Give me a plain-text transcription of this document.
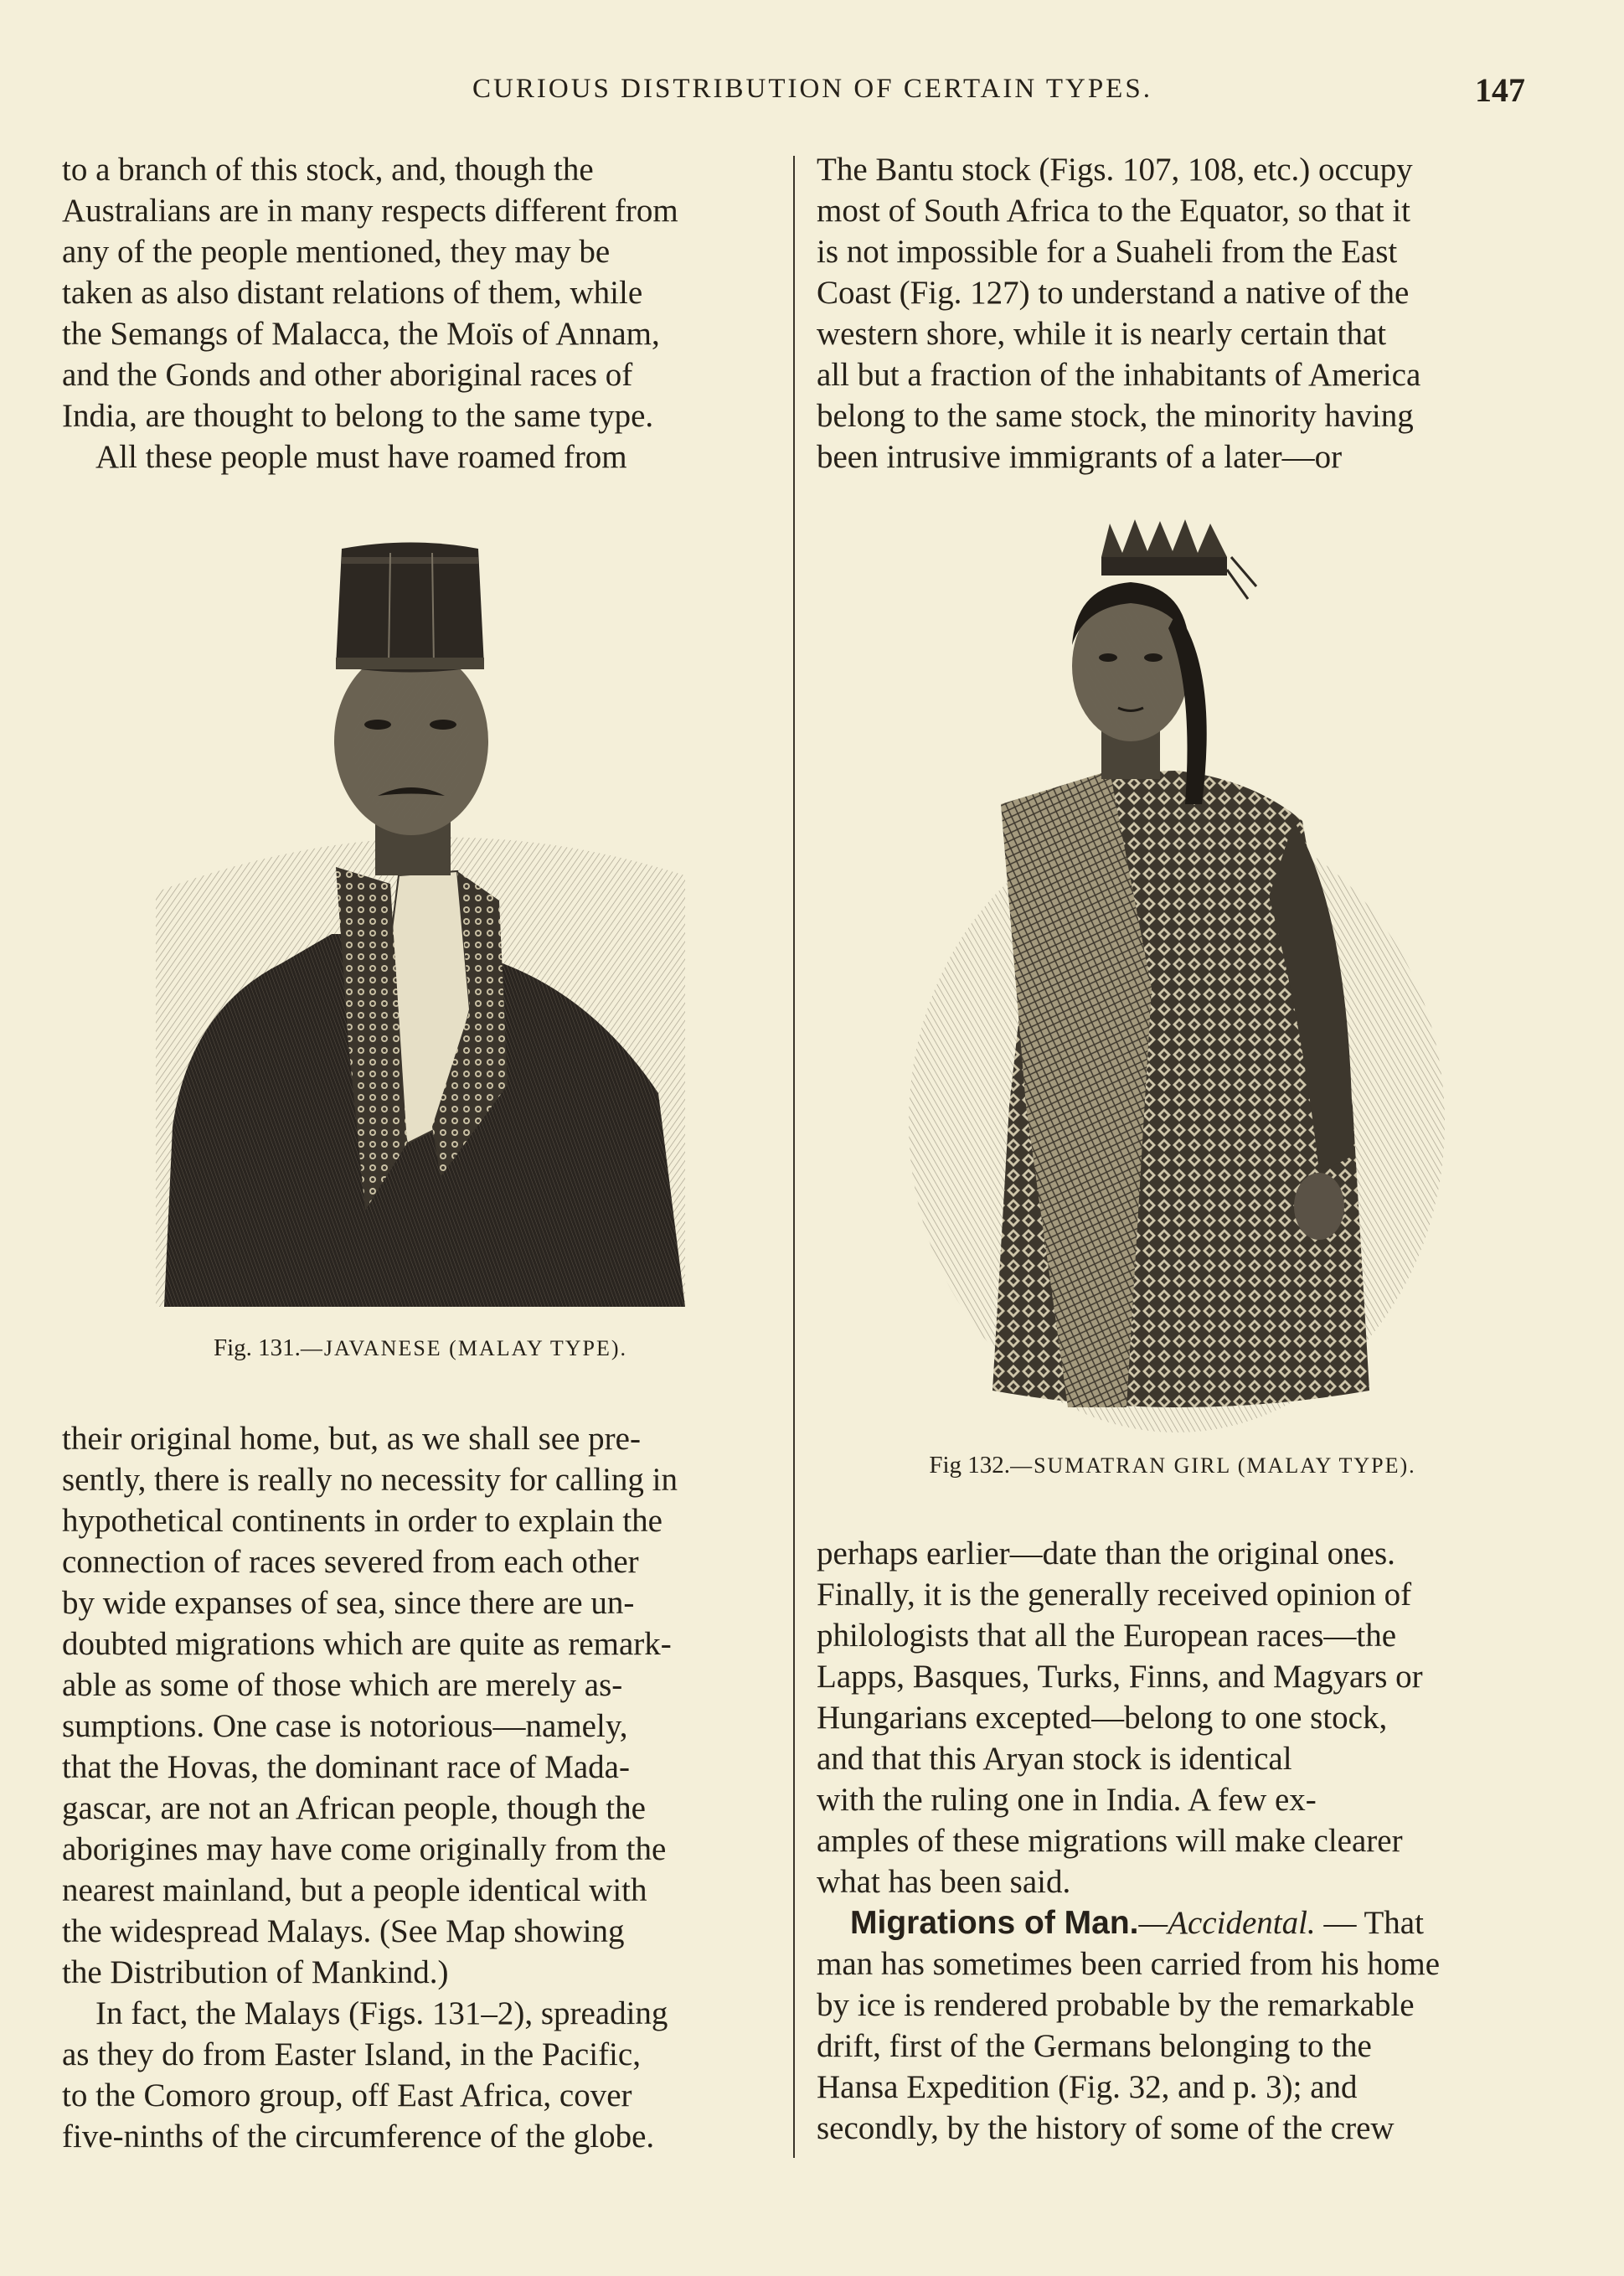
CURIOUS DISTRIBUTION OF CERTAIN TYPES.	147

to a branch of this stock, and, though the
Australians are in many respects different from
any of the people mentioned, they may be
taken as also distant relations of them, while
the Semangs of Malacca, the Moïs of Annam,
and the Gonds and other aboriginal races of
India, are thought to belong to the same type.

All these people must have roamed from

Fig. 131.—JAVANESE (MALAY TYPE).

their original home, but, as we shall see pre-
sently, there is really no necessity for calling in
hypothetical continents in order to explain the
connection of races severed from each other
by wide expanses of sea, since there are un-
doubted migrations which are quite as remark-
able as some of those which are merely as-
sumptions. One case is notorious—namely,
that the Hovas, the dominant race of Mada-
gascar, are not an African people, though the
aborigines may have come originally from the
nearest mainland, but a people identical with
the widespread Malays. (See Map showing
the Distribution of Mankind.)

In fact, the Malays (Figs. 131–2), spreading
as they do from Easter Island, in the Pacific,
to the Comoro group, off East Africa, cover
five-ninths of the circumference of the globe.

The Bantu stock (Figs. 107, 108, etc.) occupy
most of South Africa to the Equator, so that it
is not impossible for a Suaheli from the East
Coast (Fig. 127) to understand a native of the
western shore, while it is nearly certain that
all but a fraction of the inhabitants of America
belong to the same stock, the minority having
been intrusive immigrants of a later—or

Fig 132.—SUMATRAN GIRL (MALAY TYPE).

perhaps earlier—date than the original ones.
Finally, it is the generally received opinion of
philologists that all the European races—the
Lapps, Basques, Turks, Finns, and Magyars or
Hungarians excepted—belong to one stock,
and that this Aryan stock is identical
with the ruling one in India. A few ex-
amples of these migrations will make clearer
what has been said.

Migrations of Man.—Accidental. — That
man has sometimes been carried from his home
by ice is rendered probable by the remarkable
drift, first of the Germans belonging to the
Hansa Expedition (Fig. 32, and p. 3); and
secondly, by the history of some of the crew
